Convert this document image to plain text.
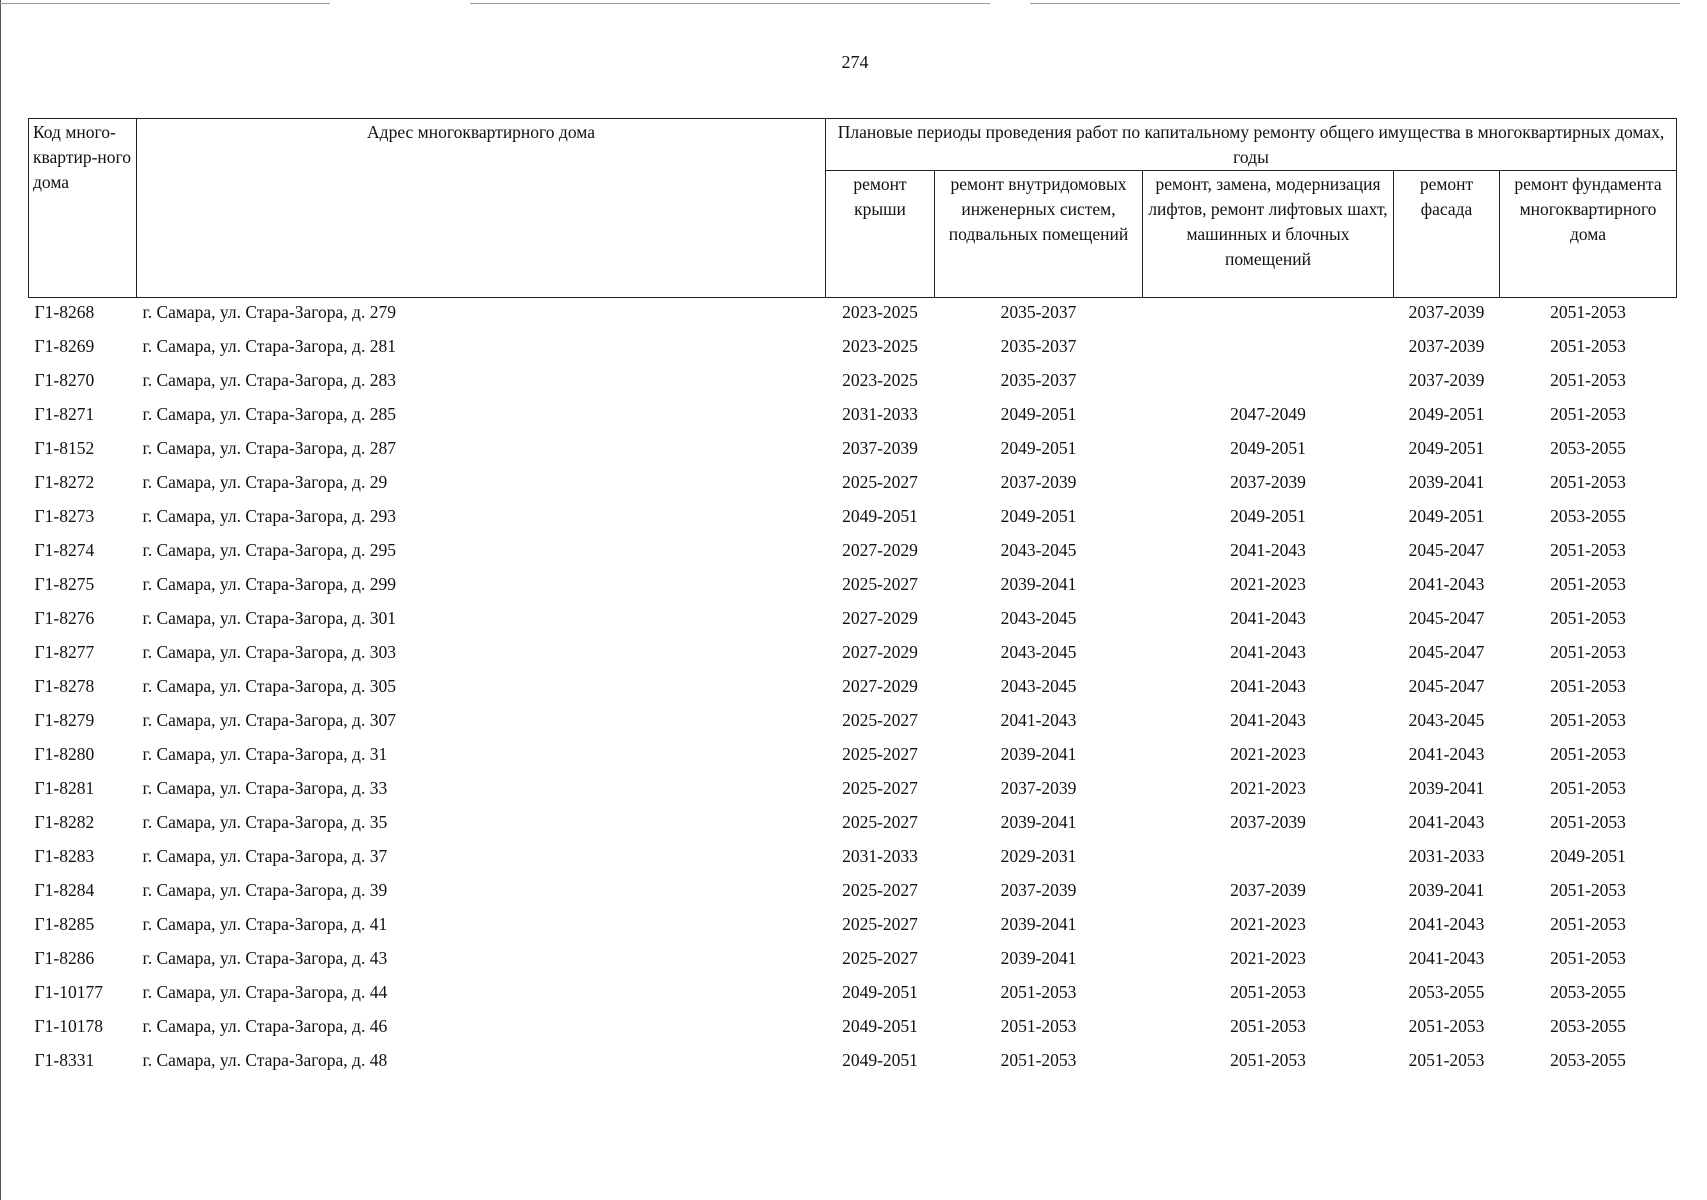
274
Код много-квартир-ного дома	Адрес многоквартирного дома	Плановые периоды проведения работ по капитальному ремонту общего имущества в многоквартирных домах, годы				
		ремонт крыши	ремонт внутридомовых инженерных систем, подвальных помещений	ремонт, замена, модернизация лифтов, ремонт лифтовых шахт, машинных и блочных помещений	ремонт фасада	ремонт фундамента многоквартирного дома
Г1-8268	г. Самара, ул. Стара-Загора, д. 279	2023-2025	2035-2037		2037-2039	2051-2053
Г1-8269	г. Самара, ул. Стара-Загора, д. 281	2023-2025	2035-2037		2037-2039	2051-2053
Г1-8270	г. Самара, ул. Стара-Загора, д. 283	2023-2025	2035-2037		2037-2039	2051-2053
Г1-8271	г. Самара, ул. Стара-Загора, д. 285	2031-2033	2049-2051	2047-2049	2049-2051	2051-2053
Г1-8152	г. Самара, ул. Стара-Загора, д. 287	2037-2039	2049-2051	2049-2051	2049-2051	2053-2055
Г1-8272	г. Самара, ул. Стара-Загора, д. 29	2025-2027	2037-2039	2037-2039	2039-2041	2051-2053
Г1-8273	г. Самара, ул. Стара-Загора, д. 293	2049-2051	2049-2051	2049-2051	2049-2051	2053-2055
Г1-8274	г. Самара, ул. Стара-Загора, д. 295	2027-2029	2043-2045	2041-2043	2045-2047	2051-2053
Г1-8275	г. Самара, ул. Стара-Загора, д. 299	2025-2027	2039-2041	2021-2023	2041-2043	2051-2053
Г1-8276	г. Самара, ул. Стара-Загора, д. 301	2027-2029	2043-2045	2041-2043	2045-2047	2051-2053
Г1-8277	г. Самара, ул. Стара-Загора, д. 303	2027-2029	2043-2045	2041-2043	2045-2047	2051-2053
Г1-8278	г. Самара, ул. Стара-Загора, д. 305	2027-2029	2043-2045	2041-2043	2045-2047	2051-2053
Г1-8279	г. Самара, ул. Стара-Загора, д. 307	2025-2027	2041-2043	2041-2043	2043-2045	2051-2053
Г1-8280	г. Самара, ул. Стара-Загора, д. 31	2025-2027	2039-2041	2021-2023	2041-2043	2051-2053
Г1-8281	г. Самара, ул. Стара-Загора, д. 33	2025-2027	2037-2039	2021-2023	2039-2041	2051-2053
Г1-8282	г. Самара, ул. Стара-Загора, д. 35	2025-2027	2039-2041	2037-2039	2041-2043	2051-2053
Г1-8283	г. Самара, ул. Стара-Загора, д. 37	2031-2033	2029-2031		2031-2033	2049-2051
Г1-8284	г. Самара, ул. Стара-Загора, д. 39	2025-2027	2037-2039	2037-2039	2039-2041	2051-2053
Г1-8285	г. Самара, ул. Стара-Загора, д. 41	2025-2027	2039-2041	2021-2023	2041-2043	2051-2053
Г1-8286	г. Самара, ул. Стара-Загора, д. 43	2025-2027	2039-2041	2021-2023	2041-2043	2051-2053
Г1-10177	г. Самара, ул. Стара-Загора, д. 44	2049-2051	2051-2053	2051-2053	2053-2055	2053-2055
Г1-10178	г. Самара, ул. Стара-Загора, д. 46	2049-2051	2051-2053	2051-2053	2051-2053	2053-2055
Г1-8331	г. Самара, ул. Стара-Загора, д. 48	2049-2051	2051-2053	2051-2053	2051-2053	2053-2055
